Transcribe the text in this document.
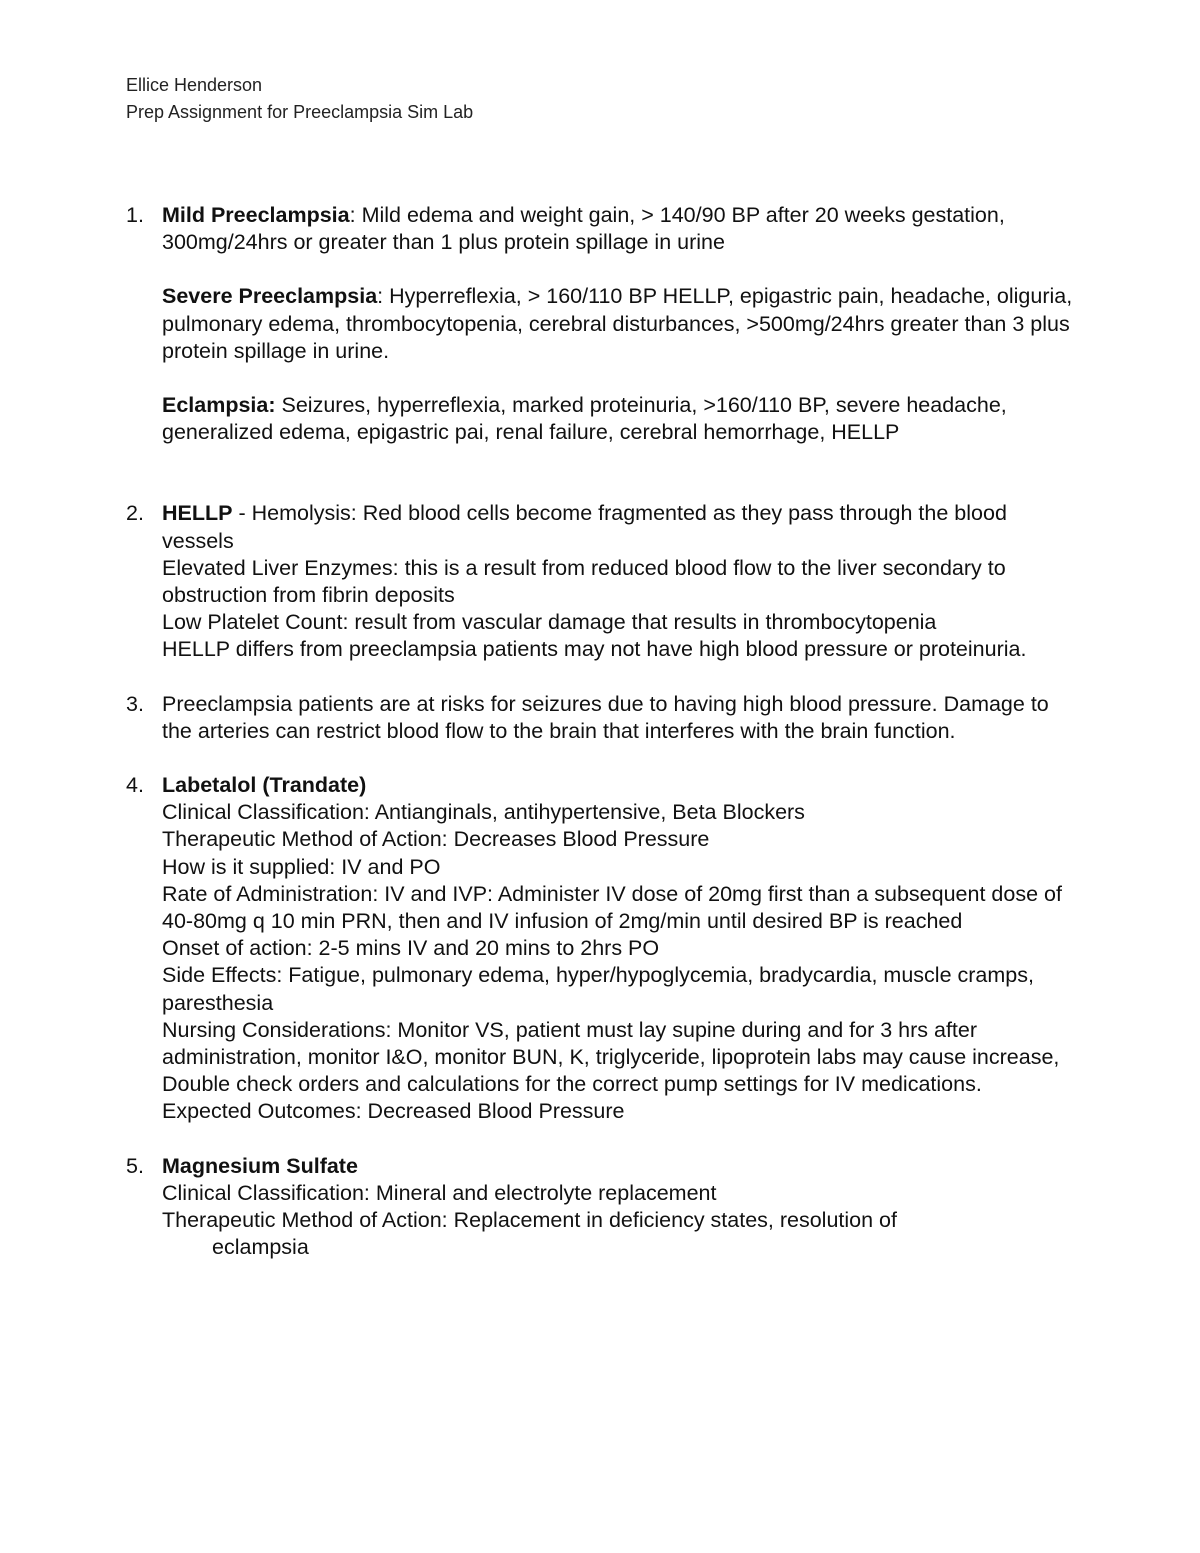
Ellice Henderson
Prep Assignment for Preeclampsia Sim Lab
1. Mild Preeclampsia: Mild edema and weight gain, > 140/90 BP after 20 weeks gestation, 300mg/24hrs or greater than 1 plus protein spillage in urine

Severe Preeclampsia: Hyperreflexia, > 160/110 BP HELLP, epigastric pain, headache, oliguria, pulmonary edema, thrombocytopenia, cerebral disturbances, >500mg/24hrs greater than 3 plus protein spillage in urine.

Eclampsia: Seizures, hyperreflexia, marked proteinuria, >160/110 BP, severe headache, generalized edema, epigastric pai, renal failure, cerebral hemorrhage, HELLP

2. HELLP - Hemolysis: Red blood cells become fragmented as they pass through the blood vessels

Elevated Liver Enzymes: this is a result from reduced blood flow to the liver secondary to obstruction from fibrin deposits

Low Platelet Count: result from vascular damage that results in thrombocytopenia

HELLP differs from preeclampsia patients may not have high blood pressure or proteinuria.

3. Preeclampsia patients are at risks for seizures due to having high blood pressure. Damage to the arteries can restrict blood flow to the brain that interferes with the brain function.

4. Labetalol (Trandate)

Clinical Classification: Antianginals, antihypertensive, Beta Blockers

Therapeutic Method of Action: Decreases Blood Pressure

How is it supplied: IV and PO

Rate of Administration: IV and IVP: Administer IV dose of 20mg first than a subsequent dose of 40-80mg q 10 min PRN, then and IV infusion of 2mg/min until desired BP is reached

Onset of action: 2-5 mins IV and 20 mins to 2hrs PO

Side Effects: Fatigue, pulmonary edema, hyper/hypoglycemia, bradycardia, muscle cramps, paresthesia

Nursing Considerations: Monitor VS, patient must lay supine during and for 3 hrs after administration, monitor I&O, monitor BUN, K, triglyceride, lipoprotein labs may cause increase, Double check orders and calculations for the correct pump settings for IV medications.

Expected Outcomes: Decreased Blood Pressure

5. Magnesium Sulfate

Clinical Classification: Mineral and electrolyte replacement

Therapeutic Method of Action: Replacement in deficiency states, resolution of

eclampsia
